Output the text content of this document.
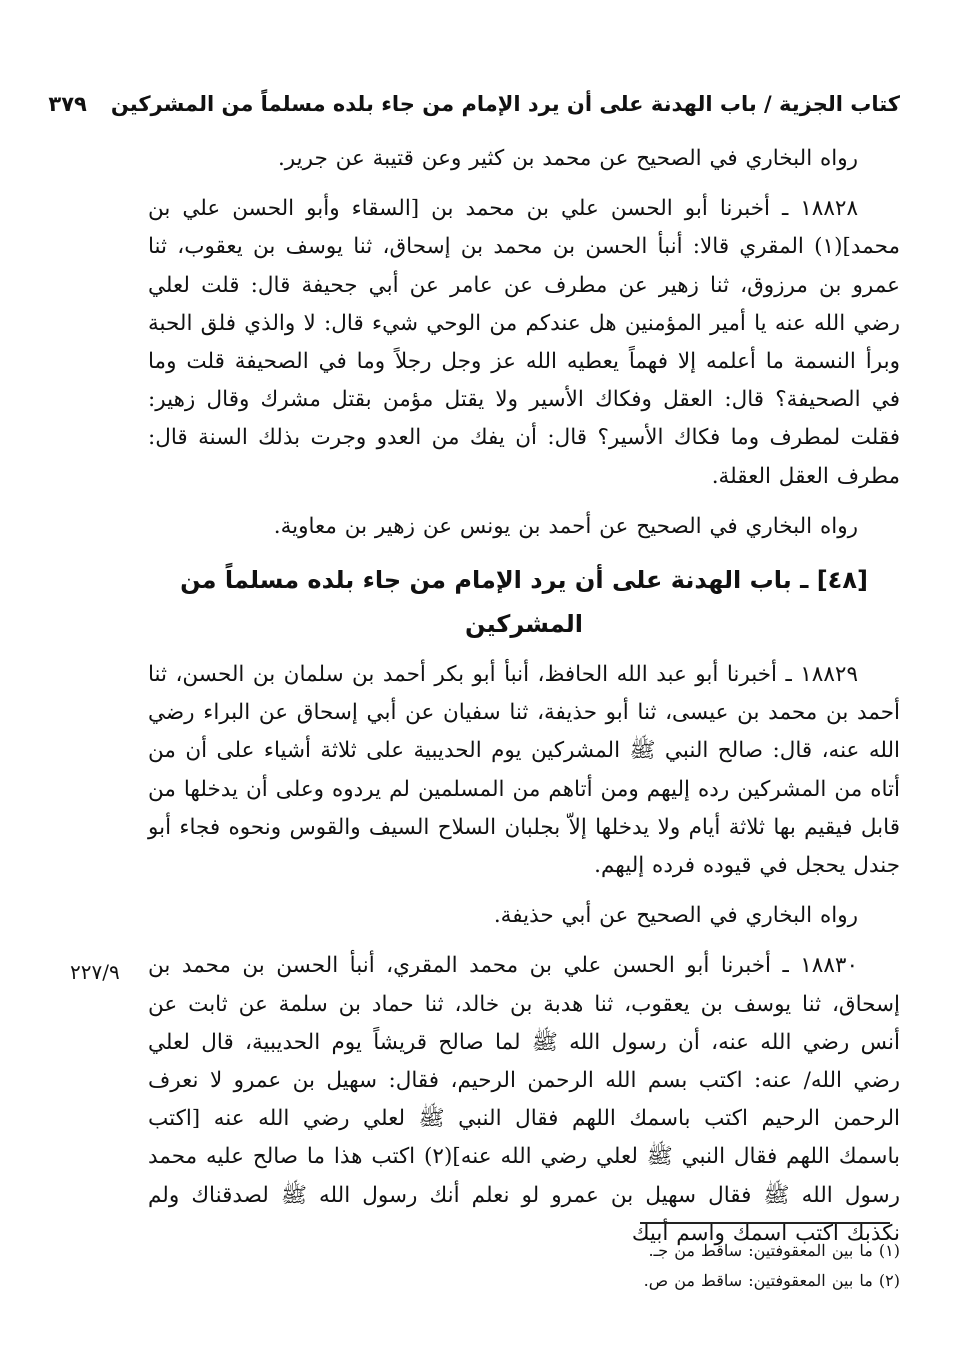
كتاب الجزية / باب الهدنة على أن يرد الإمام من جاء بلده مسلماً من المشركين
٣٧٩

رواه البخاري في الصحيح عن محمد بن كثير وعن قتيبة عن جرير.

١٨٨٢٨ ـ أخبرنا أبو الحسن علي بن محمد بن [السقاء وأبو الحسن علي بن محمد](١) المقري قالا: أنبأ الحسن بن محمد بن إسحاق، ثنا يوسف بن يعقوب، ثنا عمرو بن مرزوق، ثنا زهير عن مطرف عن عامر عن أبي جحيفة قال: قلت لعلي رضي الله عنه يا أمير المؤمنين هل عندكم من الوحي شيء قال: لا والذي فلق الحبة وبرأ النسمة ما أعلمه إلا فهماً يعطيه الله عز وجل رجلاً وما في الصحيفة قلت وما في الصحيفة؟ قال: العقل وفكاك الأسير ولا يقتل مؤمن بقتل مشرك وقال زهير: فقلت لمطرف وما فكاك الأسير؟ قال: أن يفك من العدو وجرت بذلك السنة قال: مطرف العقل العقلة.

رواه البخاري في الصحيح عن أحمد بن يونس عن زهير بن معاوية.

[٤٨] ـ باب الهدنة على أن يرد الإمام من جاء بلده مسلماً من المشركين

١٨٨٢٩ ـ أخبرنا أبو عبد الله الحافظ، أنبأ أبو بكر أحمد بن سلمان بن الحسن، ثنا أحمد بن محمد بن عيسى، ثنا أبو حذيفة، ثنا سفيان عن أبي إسحاق عن البراء رضي الله عنه، قال: صالح النبي ﷺ المشركين يوم الحديبية على ثلاثة أشياء على أن من أتاه من المشركين رده إليهم ومن أتاهم من المسلمين لم يردوه وعلى أن يدخلها من قابل فيقيم بها ثلاثة أيام ولا يدخلها إلاّ بجلبان السلاح السيف والقوس ونحوه فجاء أبو جندل يحجل في قيوده فرده إليهم.

رواه البخاري في الصحيح عن أبي حذيفة.

١٨٨٣٠ ـ أخبرنا أبو الحسن علي بن محمد المقري، أنبأ الحسن بن محمد بن إسحاق، ثنا يوسف بن يعقوب، ثنا هدبة بن خالد، ثنا حماد بن سلمة عن ثابت عن أنس رضي الله عنه، أن رسول الله ﷺ لما صالح قريشاً يوم الحديبية، قال لعلي رضي الله/ عنه: اكتب بسم الله الرحمن الرحيم، فقال: سهيل بن عمرو لا نعرف الرحمن الرحيم اكتب باسمك اللهم فقال النبي ﷺ لعلي رضي الله عنه [اكتب باسمك اللهم فقال النبي ﷺ لعلي رضي الله عنه](٢) اكتب هذا ما صالح عليه محمد رسول الله ﷺ فقال سهيل بن عمرو لو نعلم أنك رسول الله ﷺ لصدقناك ولم نكذبك اكتب اسمك واسم أبيك

٢٢٧/٩

(١) ما بين المعقوفتين: ساقط من جـ.

(٢) ما بين المعقوفتين: ساقط من ص.
